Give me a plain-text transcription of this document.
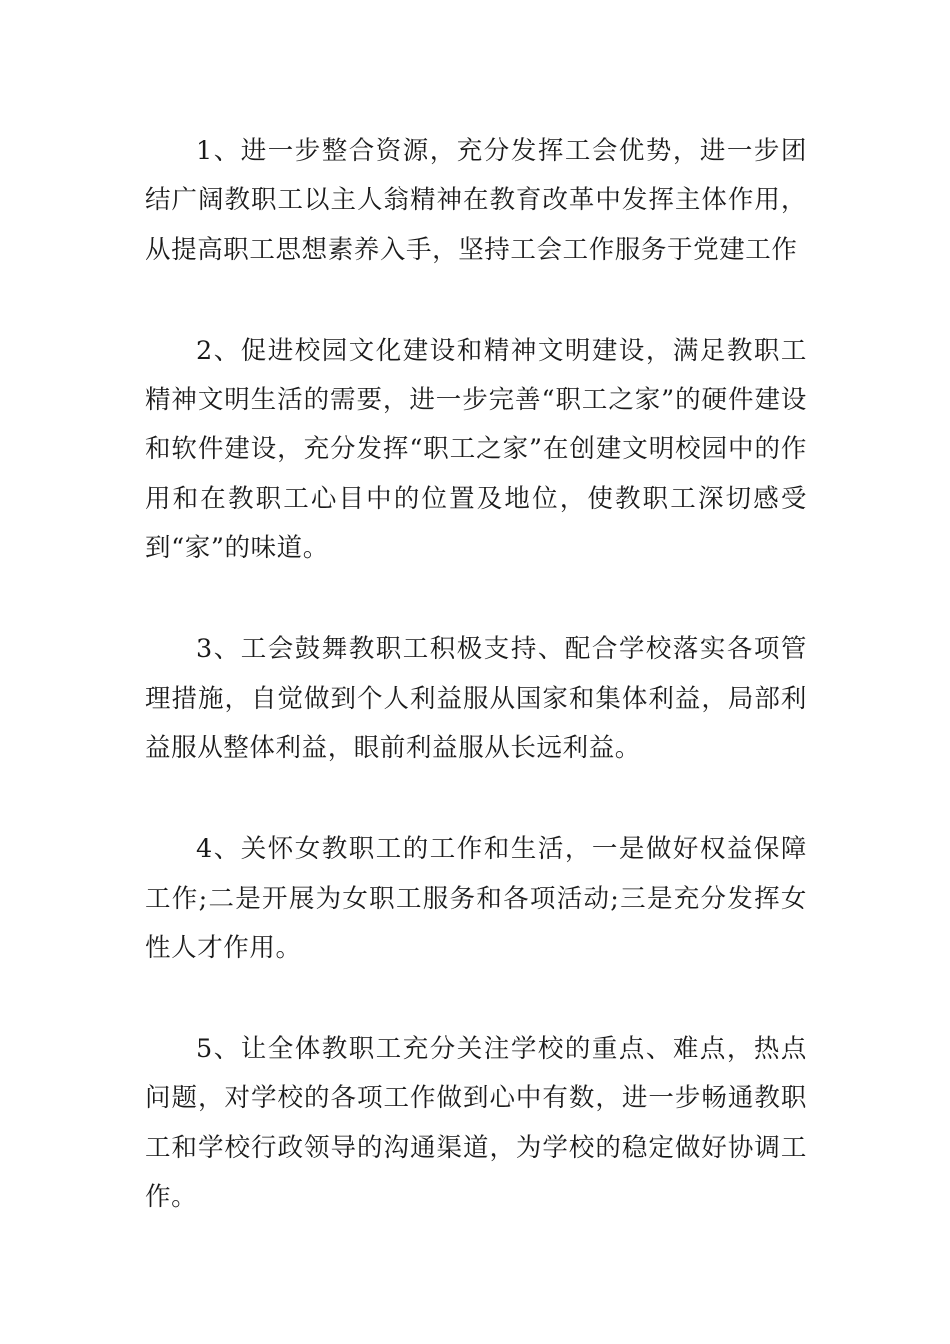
1、进一步整合资源，充分发挥工会优势，进一步团结广阔教职工以主人翁精神在教育改革中发挥主体作用，从提高职工思想素养入手，坚持工会工作服务于党建工作

2、促进校园文化建设和精神文明建设，满足教职工精神文明生活的需要，进一步完善“职工之家”的硬件建设和软件建设，充分发挥“职工之家”在创建文明校园中的作用和在教职工心目中的位置及地位，使教职工深切感受到“家”的味道。

3、工会鼓舞教职工积极支持、配合学校落实各项管理措施，自觉做到个人利益服从国家和集体利益，局部利益服从整体利益，眼前利益服从长远利益。

4、关怀女教职工的工作和生活，一是做好权益保障工作;二是开展为女职工服务和各项活动;三是充分发挥女性人才作用。

5、让全体教职工充分关注学校的重点、难点，热点问题，对学校的各项工作做到心中有数，进一步畅通教职工和学校行政领导的沟通渠道，为学校的稳定做好协调工作。
